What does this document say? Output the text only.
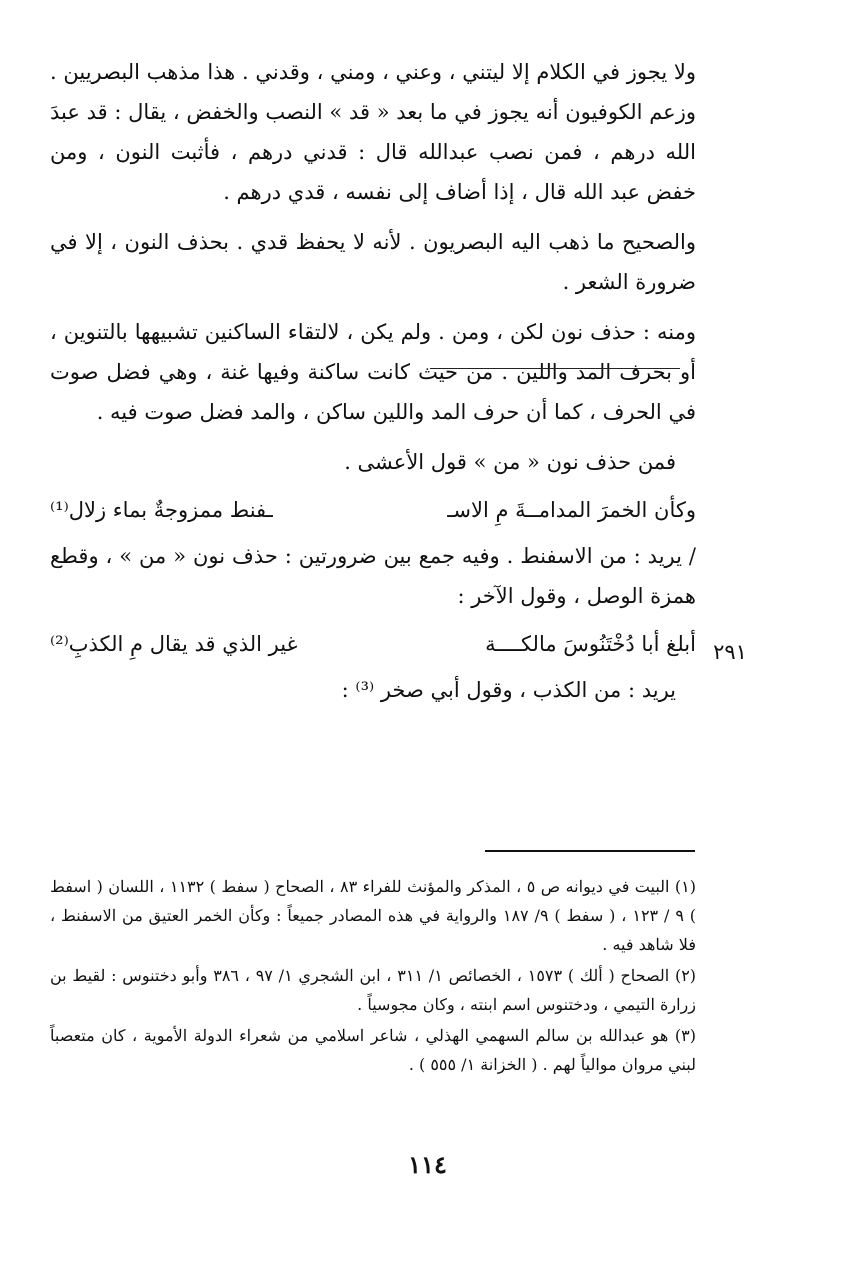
ولا يجوز في الكلام إلا ليتني ، وعني ، ومني ، وقدني . هذا مذهب البصريين . وزعم الكوفيون أنه يجوز في ما بعد « قد » النصب والخفض ، يقال : قد عبدَ الله درهم ، فمن نصب عبدالله قال : قدني درهم ، فأثبت النون ، ومن خفض عبد الله قال ، إذا أضاف إلى نفسه ، قدي درهم .

والصحيح ما ذهب اليه البصريون . لأنه لا يحفظ قدي . بحذف النون ، إلا في ضرورة الشعر .

ومنه : حذف نون لكن ، ومن . ولم يكن ، لالتقاء الساكنين تشبيهها بالتنوين ، أو بحرف المد واللين . من حيث كانت ساكنة وفيها غنة ، وهي فضل صوت في الحرف ، كما أن حرف المد واللين ساكن ، والمد فضل صوت فيه .

فمن حذف نون « من » قول الأعشى .

وكأن الخمرَ المدامــةَ مِ الاسـ
ـفنط ممزوجةٌ بماء زلال⁽¹⁾

/ يريد : من الاسفنط . وفيه جمع بين ضرورتين : حذف نون « من » ، وقطع همزة الوصل ، وقول الآخر :

أبلغ أبا دُخْتَنُوسَ مالكــــة
غير الذي قد يقال مِ الكذبِ⁽²⁾

يريد : من الكذب ، وقول أبي صخر ⁽³⁾ :

٢٩١

(١) البيت في ديوانه ص ٥ ، المذكر والمؤنث للفراء ٨٣ ، الصحاح ( سفط ) ١١٣٢ ، اللسان ( اسفط ) ٩ / ١٢٣ ، ( سفط ) ٩/ ١٨٧ والرواية في هذه المصادر جميعاً : وكأن الخمر العتيق من الاسفنط ، فلا شاهد فيه .

(٢) الصحاح ( ألك ) ١٥٧٣ ، الخصائص ١/ ٣١١ ، ابن الشجري ١/ ٩٧ ، ٣٨٦ وأبو دختنوس : لقيط بن زرارة التيمي ، ودختنوس اسم ابنته ، وكان مجوسياً .

(٣) هو عبدالله بن سالم السهمي الهذلي ، شاعر اسلامي من شعراء الدولة الأموية ، كان متعصباً لبني مروان موالياً لهم . ( الخزانة ١/ ٥٥٥ ) .

١١٤
